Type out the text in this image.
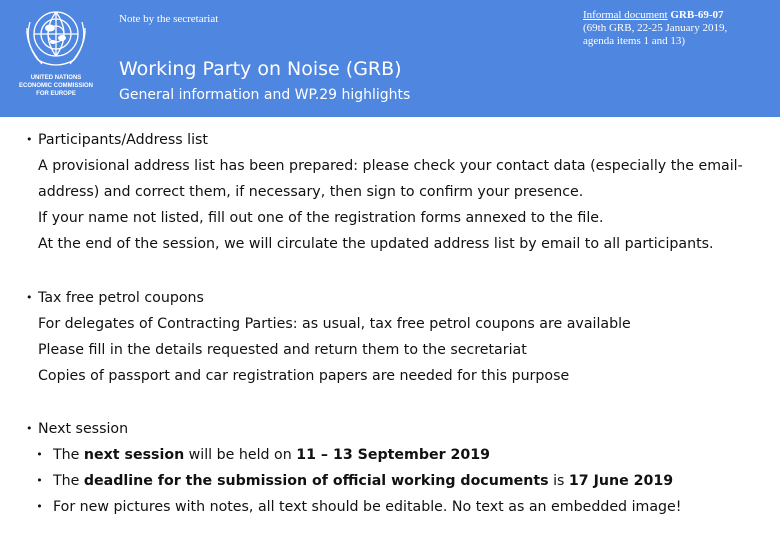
UNITED NATIONS
ECONOMIC COMMISSION
FOR EUROPE
Note by the secretariat	Informal document GRB-69-07
(69th GRB, 22-25 January 2019,
agenda items 1 and 13)
Working Party on Noise (GRB)
General information and WP.29 highlights
• Participants/Address list

A provisional address list has been prepared: please check your contact data (especially the email-

address) and correct them, if necessary, then sign to confirm your presence.

If your name not listed, fill out one of the registration forms annexed to the file.

At the end of the session, we will circulate the updated address list by email to all participants.

• Tax free petrol coupons

For delegates of Contracting Parties: as usual, tax free petrol coupons are available

Please fill in the details requested and return them to the secretariat

Copies of passport and car registration papers are needed for this purpose

• Next session
• The next session will be held on 11 – 13 September 2019
• The deadline for the submission of official working documents is 17 June 2019
• For new pictures with notes, all text should be editable. No text as an embedded image!
